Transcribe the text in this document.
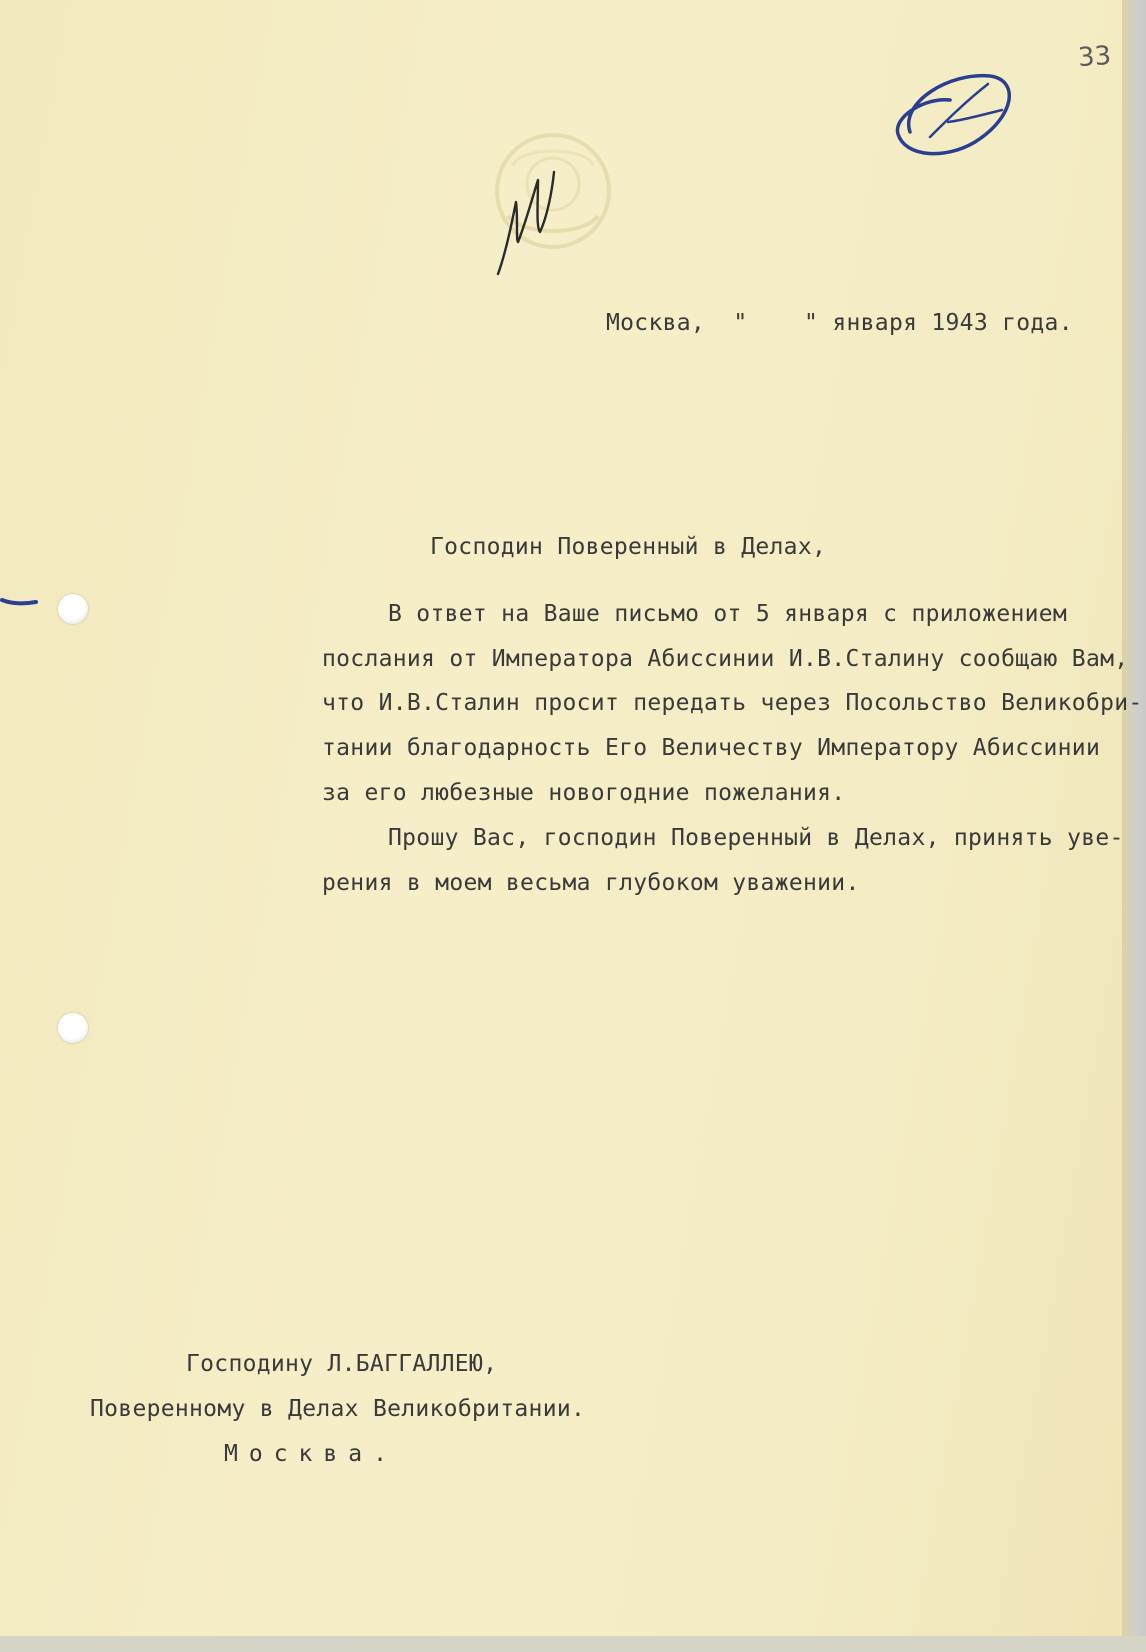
33
Москва,  "    " января 1943 года.
Господин Поверенный в Делах,
В ответ на Ваше письмо от 5 января с приложением
послания от Императора Абиссинии И.В.Сталину сообщаю Вам,
что И.В.Сталин просит передать через Посольство Великобри-
тании благодарность Его Величеству Императору Абиссинии
за его любезные новогодние пожелания.
Прошу Вас, господин Поверенный в Делах, принять уве-
рения в моем весьма глубоком уважении.
Господину Л.БАГГАЛЛЕЮ,
Поверенному в Делах Великобритании.
Москва.
